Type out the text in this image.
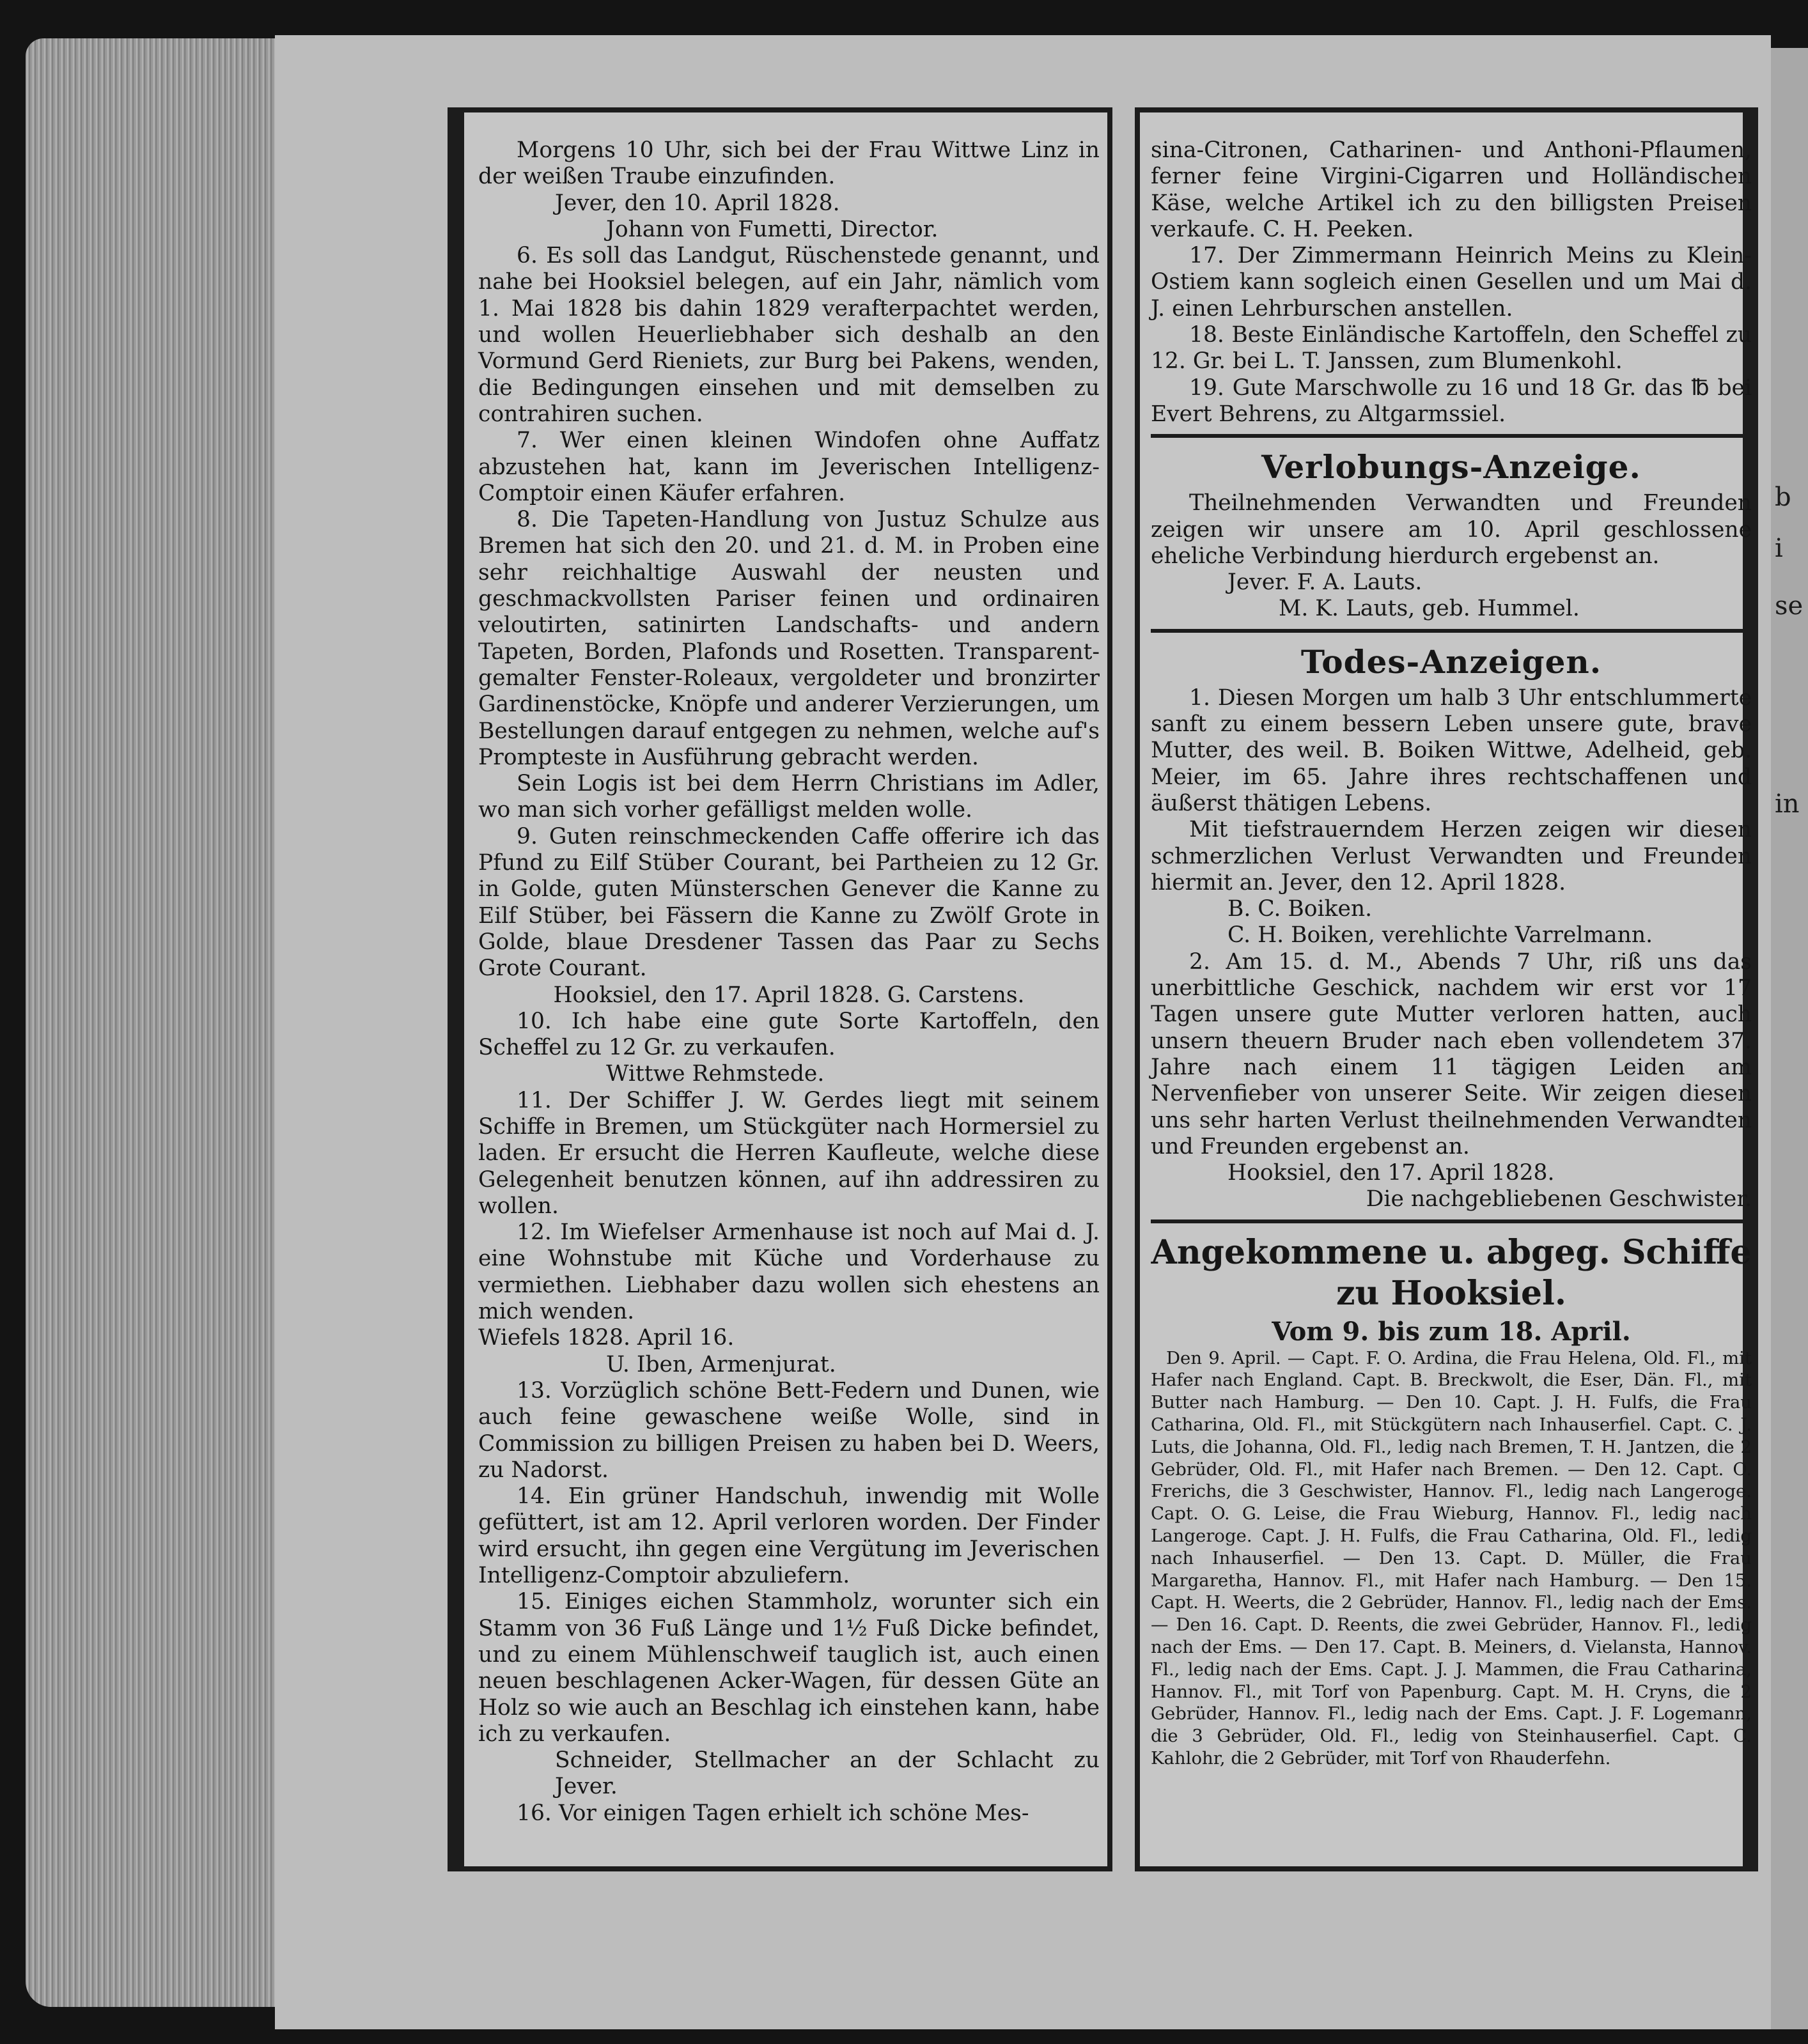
b
i
se
in

Morgens 10 Uhr, sich bei der Frau Wittwe Linz in der weißen Traube einzufinden.

Jever, den 10. April 1828.

Johann von Fumetti, Director.

6. Es soll das Landgut, Rüschenstede genannt, und nahe bei Hooksiel belegen, auf ein Jahr, nämlich vom 1. Mai 1828 bis dahin 1829 verafterpachtet werden, und wollen Heuerliebhaber sich deshalb an den Vormund Gerd Rieniets, zur Burg bei Pakens, wenden, die Bedingungen einsehen und mit demselben zu contrahiren suchen.

7. Wer einen kleinen Windofen ohne Auffatz abzustehen hat, kann im Jeverischen Intelligenz-Comptoir einen Käufer erfahren.

8. Die Tapeten-Handlung von Justuz Schulze aus Bremen hat sich den 20. und 21. d. M. in Proben eine sehr reichhaltige Auswahl der neusten und geschmackvollsten Pariser feinen und ordinairen veloutirten, satinirten Landschafts- und andern Tapeten, Borden, Plafonds und Rosetten. Transparent-gemalter Fenster-Roleaux, vergoldeter und bronzirter Gardinenstöcke, Knöpfe und anderer Verzierungen, um Bestellungen darauf entgegen zu nehmen, welche auf's Prompteste in Ausführung gebracht werden.

Sein Logis ist bei dem Herrn Christians im Adler, wo man sich vorher gefälligst melden wolle.

9. Guten reinschmeckenden Caffe offerire ich das Pfund zu Eilf Stüber Courant, bei Partheien zu 12 Gr. in Golde, guten Münsterschen Genever die Kanne zu Eilf Stüber, bei Fässern die Kanne zu Zwölf Grote in Golde, blaue Dresdener Tassen das Paar zu Sechs Grote Courant.

Hooksiel, den 17. April 1828. G. Carstens.

10. Ich habe eine gute Sorte Kartoffeln, den Scheffel zu 12 Gr. zu verkaufen.

Wittwe Rehmstede.

11. Der Schiffer J. W. Gerdes liegt mit seinem Schiffe in Bremen, um Stückgüter nach Hormersiel zu laden. Er ersucht die Herren Kaufleute, welche diese Gelegenheit benutzen können, auf ihn addressiren zu wollen.

12. Im Wiefelser Armenhause ist noch auf Mai d. J. eine Wohnstube mit Küche und Vorderhause zu vermiethen. Liebhaber dazu wollen sich ehestens an mich wenden.

Wiefels 1828. April 16.

U. Iben, Armenjurat.

13. Vorzüglich schöne Bett-Federn und Dunen, wie auch feine gewaschene weiße Wolle, sind in Commission zu billigen Preisen zu haben bei D. Weers, zu Nadorst.

14. Ein grüner Handschuh, inwendig mit Wolle gefüttert, ist am 12. April verloren worden. Der Finder wird ersucht, ihn gegen eine Vergütung im Jeverischen Intelligenz-Comptoir abzuliefern.

15. Einiges eichen Stammholz, worunter sich ein Stamm von 36 Fuß Länge und 1½ Fuß Dicke befindet, und zu einem Mühlenschweif tauglich ist, auch einen neuen beschlagenen Acker-Wagen, für dessen Güte an Holz so wie auch an Beschlag ich einstehen kann, habe ich zu verkaufen.

Schneider, Stellmacher an der Schlacht zu Jever.

16. Vor einigen Tagen erhielt ich schöne Mes-

sina-Citronen, Catharinen- und Anthoni-Pflaumen, ferner feine Virgini-Cigarren und Holländischen Käse, welche Artikel ich zu den billigsten Preisen verkaufe. C. H. Peeken.

17. Der Zimmermann Heinrich Meins zu Klein-Ostiem kann sogleich einen Gesellen und um Mai d. J. einen Lehrburschen anstellen.

18. Beste Einländische Kartoffeln, den Scheffel zu 12. Gr. bei L. T. Janssen, zum Blumenkohl.

19. Gute Marschwolle zu 16 und 18 Gr. das ℔ bei Evert Behrens, zu Altgarmssiel.

Verlobungs-Anzeige.

Theilnehmenden Verwandten und Freunden zeigen wir unsere am 10. April geschlossene eheliche Verbindung hierdurch ergebenst an.

Jever. F. A. Lauts.

M. K. Lauts, geb. Hummel.

Todes-Anzeigen.

1. Diesen Morgen um halb 3 Uhr entschlummerte sanft zu einem bessern Leben unsere gute, brave Mutter, des weil. B. Boiken Wittwe, Adelheid, geb. Meier, im 65. Jahre ihres rechtschaffenen und äußerst thätigen Lebens.

Mit tiefstrauerndem Herzen zeigen wir diesen schmerzlichen Verlust Verwandten und Freunden hiermit an. Jever, den 12. April 1828.

B. C. Boiken.

C. H. Boiken, verehlichte Varrelmann.

2. Am 15. d. M., Abends 7 Uhr, riß uns das unerbittliche Geschick, nachdem wir erst vor 17 Tagen unsere gute Mutter verloren hatten, auch unsern theuern Bruder nach eben vollendetem 37. Jahre nach einem 11 tägigen Leiden am Nervenfieber von unserer Seite. Wir zeigen diesen uns sehr harten Verlust theilnehmenden Verwandten und Freunden ergebenst an.

Hooksiel, den 17. April 1828.

Die nachgebliebenen Geschwister.

Angekommene u. abgeg. Schiffe zu Hooksiel.
Vom 9. bis zum 18. April.

Den 9. April. — Capt. F. O. Ardina, die Frau Helena, Old. Fl., mit Hafer nach England. Capt. B. Breckwolt, die Eser, Dän. Fl., mit Butter nach Hamburg. — Den 10. Capt. J. H. Fulfs, die Frau Catharina, Old. Fl., mit Stückgütern nach Inhauserfiel. Capt. C. J. Luts, die Johanna, Old. Fl., ledig nach Bremen, T. H. Jantzen, die 2 Gebrüder, Old. Fl., mit Hafer nach Bremen. — Den 12. Capt. O. Frerichs, die 3 Geschwister, Hannov. Fl., ledig nach Langeroge. Capt. O. G. Leise, die Frau Wieburg, Hannov. Fl., ledig nach Langeroge. Capt. J. H. Fulfs, die Frau Catharina, Old. Fl., ledig nach Inhauserfiel. — Den 13. Capt. D. Müller, die Frau Margaretha, Hannov. Fl., mit Hafer nach Hamburg. — Den 15. Capt. H. Weerts, die 2 Gebrüder, Hannov. Fl., ledig nach der Ems. — Den 16. Capt. D. Reents, die zwei Gebrüder, Hannov. Fl., ledig nach der Ems. — Den 17. Capt. B. Meiners, d. Vielansta, Hannov. Fl., ledig nach der Ems. Capt. J. J. Mammen, die Frau Catharina, Hannov. Fl., mit Torf von Papenburg. Capt. M. H. Cryns, die 2 Gebrüder, Hannov. Fl., ledig nach der Ems. Capt. J. F. Logemann, die 3 Gebrüder, Old. Fl., ledig von Steinhauserfiel. Capt. C. Kahlohr, die 2 Gebrüder, mit Torf von Rhauderfehn.
